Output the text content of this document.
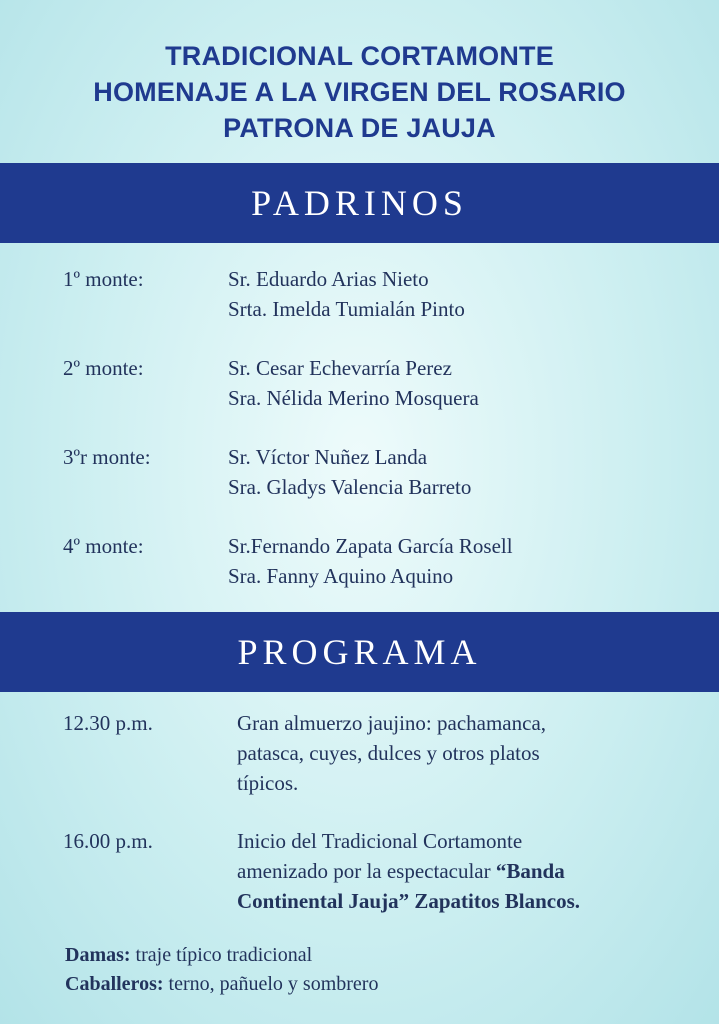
TRADICIONAL CORTAMONTE
HOMENAJE A LA VIRGEN DEL ROSARIO
PATRONA DE JAUJA
PADRINOS
1º monte:	Sr. Eduardo Arias Nieto
Srta. Imelda Tumialán Pinto
2º monte:	Sr. Cesar Echevarría Perez
Sra. Nélida Merino Mosquera
3ºr monte:	Sr. Víctor Nuñez Landa
Sra. Gladys Valencia Barreto
4º monte:	Sr.Fernando Zapata García Rosell
Sra. Fanny Aquino Aquino
PROGRAMA
12.30 p.m.	Gran almuerzo jaujino: pachamanca,
patasca, cuyes, dulces y otros platos
típicos.
16.00 p.m.	Inicio del Tradicional Cortamonte
amenizado por la espectacular “Banda
Continental Jauja” Zapatitos Blancos.
Damas: traje típico tradicional
Caballeros: terno, pañuelo y sombrero
